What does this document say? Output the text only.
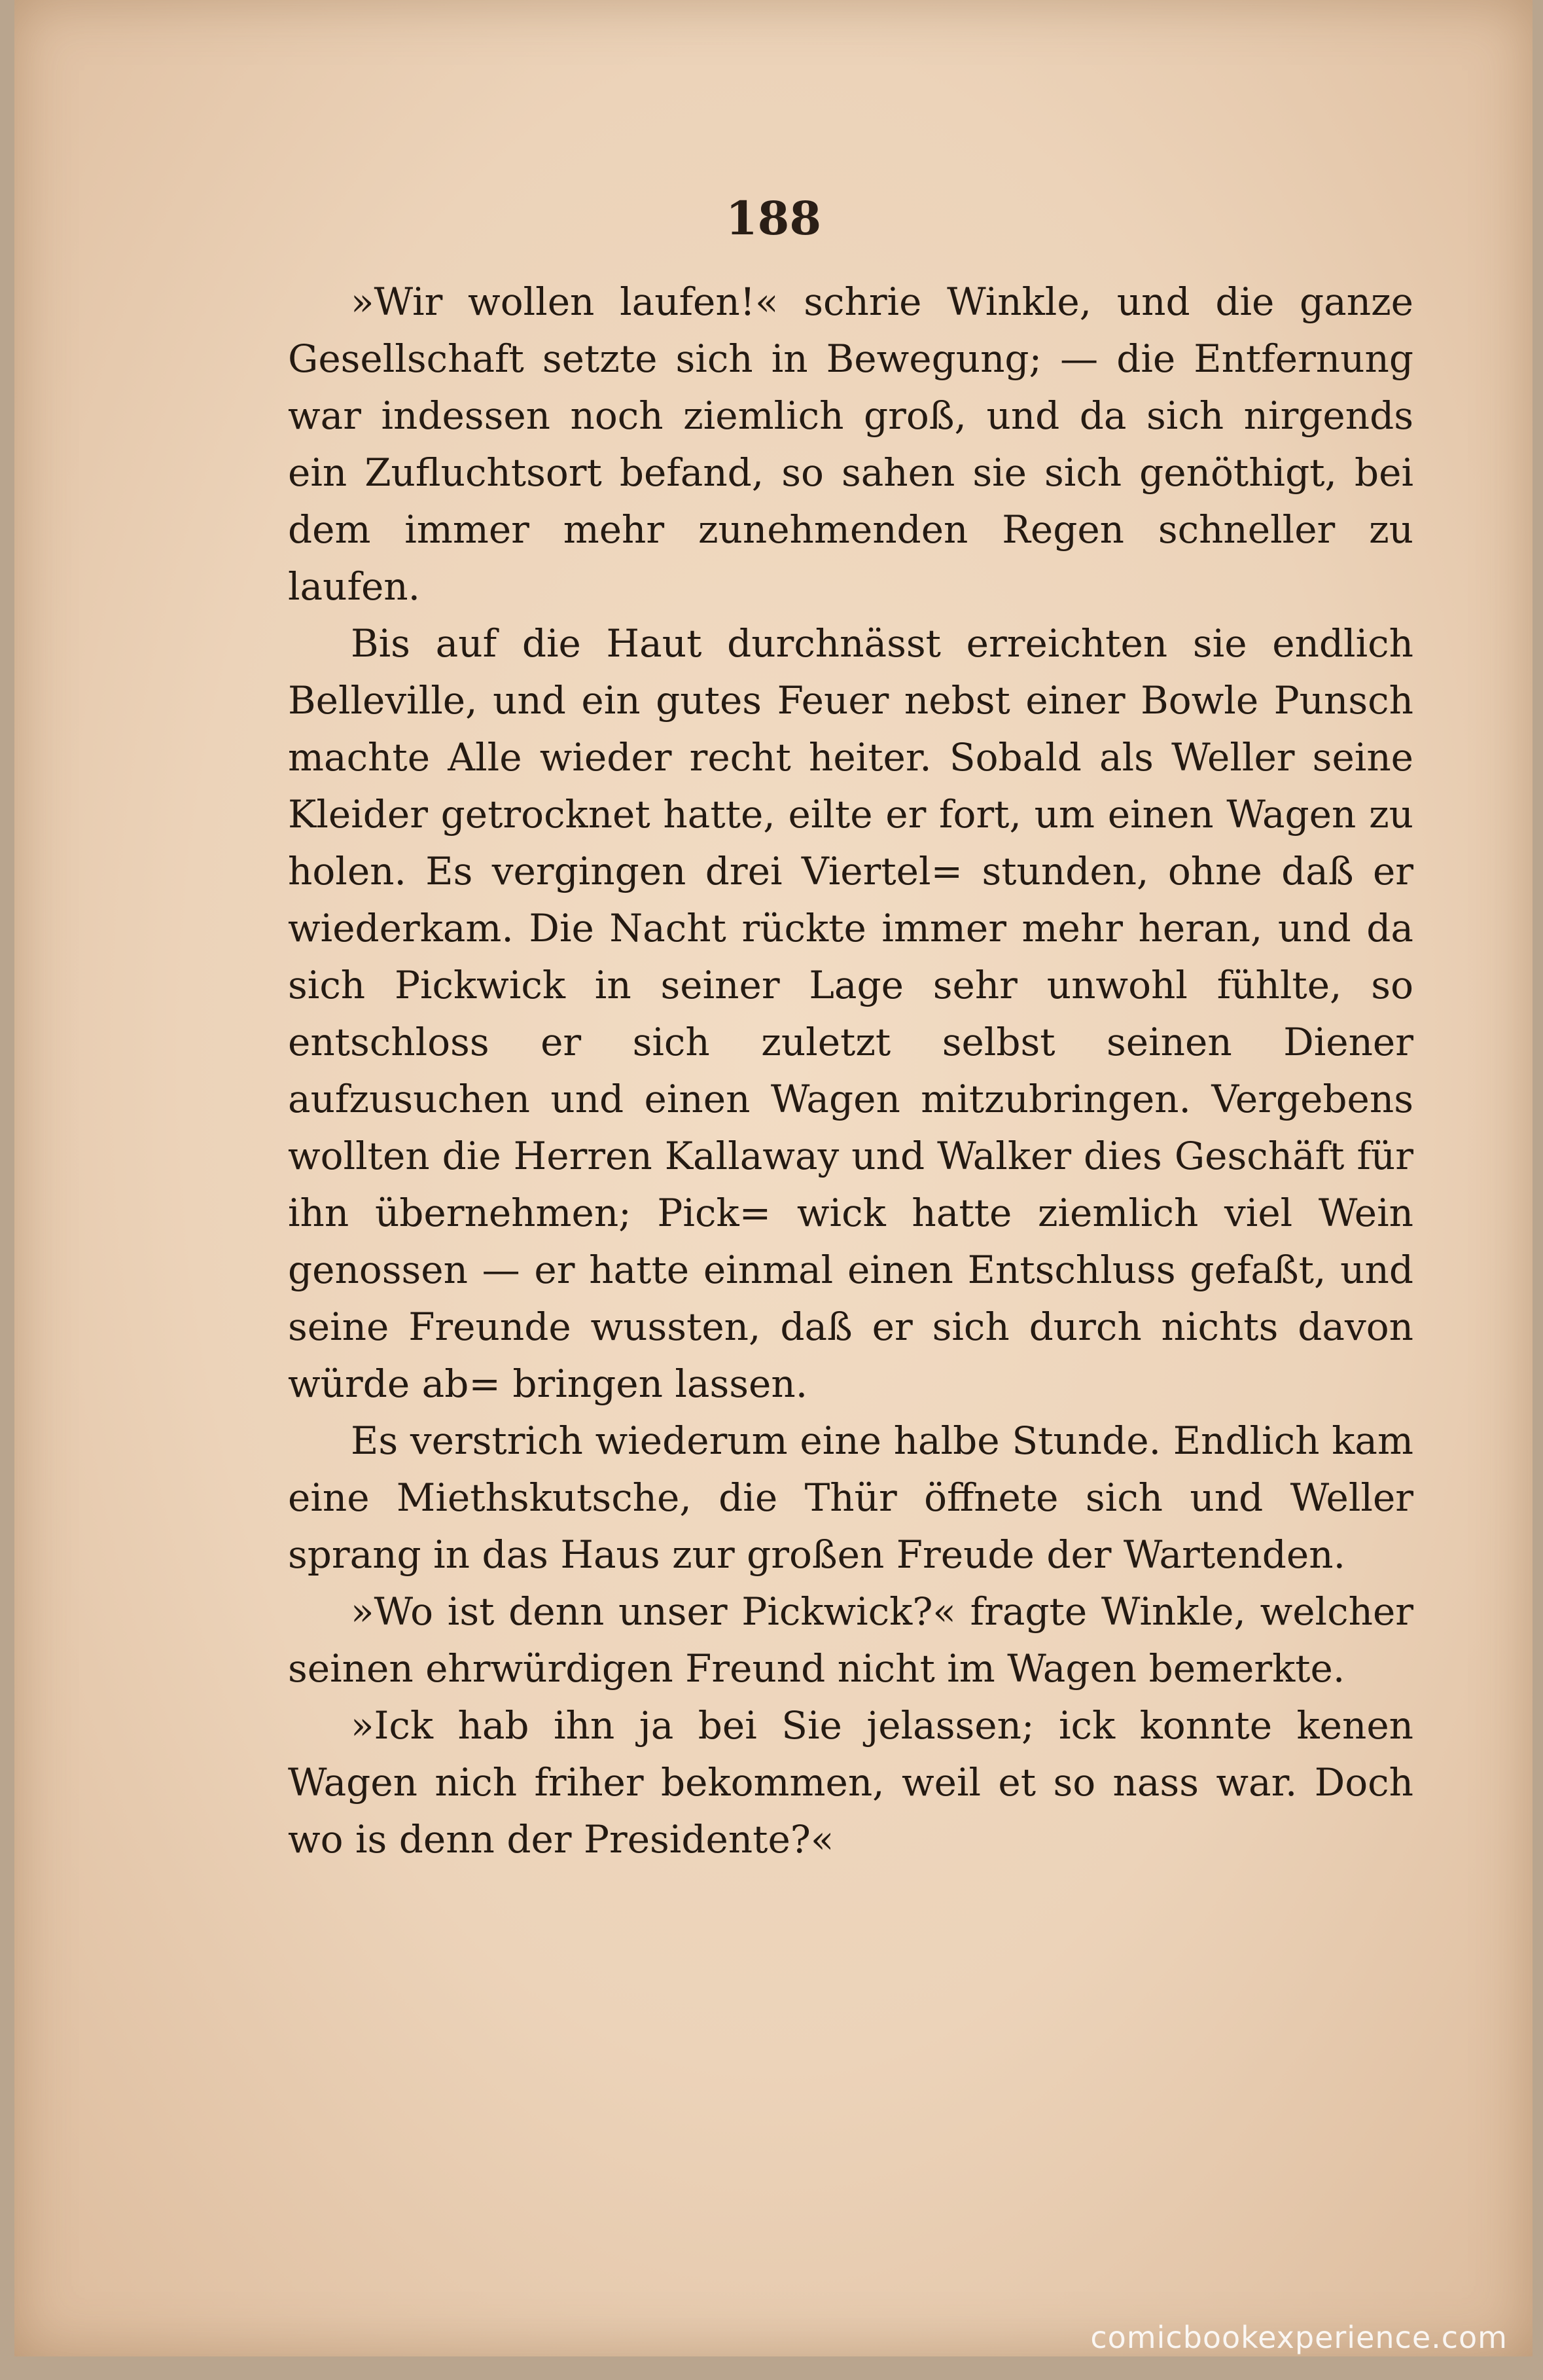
188

»Wir wollen laufen!« schrie Winkle, und die ganze Gesellschaft setzte sich in Bewegung; — die Entfernung war indessen noch ziemlich groß, und da sich nirgends ein Zufluchtsort befand, so sahen sie sich genöthigt, bei dem immer mehr zunehmenden Regen schneller zu laufen.

Bis auf die Haut durchnässt erreichten sie endlich Belleville, und ein gutes Feuer nebst einer Bowle Punsch machte Alle wieder recht heiter. Sobald als Weller seine Kleider getrocknet hatte, eilte er fort, um einen Wagen zu holen. Es vergingen drei Viertel= stunden, ohne daß er wiederkam. Die Nacht rückte immer mehr heran, und da sich Pickwick in seiner Lage sehr unwohl fühlte, so entschloss er sich zuletzt selbst seinen Diener aufzusuchen und einen Wagen mitzubringen. Vergebens wollten die Herren Kallaway und Walker dies Geschäft für ihn übernehmen; Pick= wick hatte ziemlich viel Wein genossen — er hatte einmal einen Entschluss gefaßt, und seine Freunde wussten, daß er sich durch nichts davon würde ab= bringen lassen.

Es verstrich wiederum eine halbe Stunde. Endlich kam eine Miethskutsche, die Thür öffnete sich und Weller sprang in das Haus zur großen Freude der Wartenden.

»Wo ist denn unser Pickwick?« fragte Winkle, welcher seinen ehrwürdigen Freund nicht im Wagen bemerkte.

»Ick hab ihn ja bei Sie jelassen; ick konnte kenen Wagen nich friher bekommen, weil et so nass war. Doch wo is denn der Presidente?«

comicbookexperience.com
